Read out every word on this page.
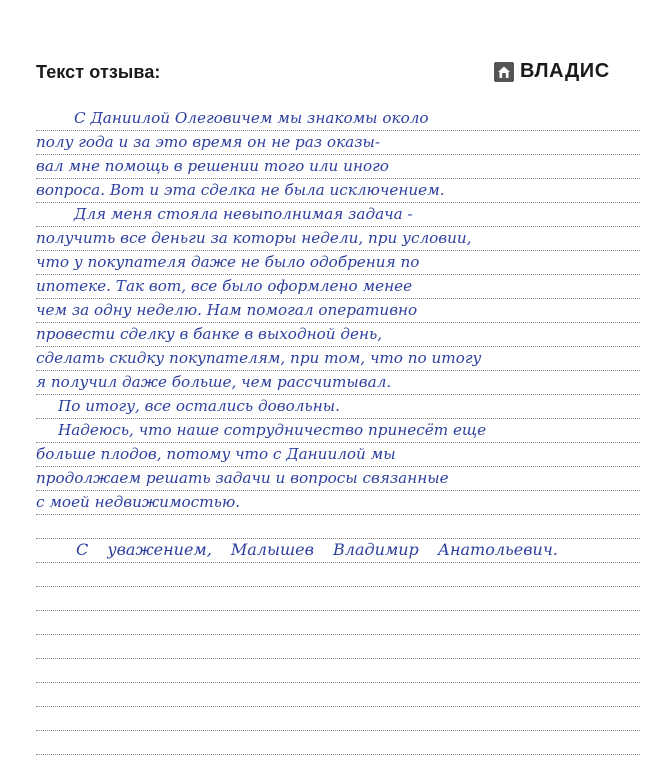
Текст отзыва:	ВЛАДИС
С Даниилой Олеговичем мы знакомы около
полу года и за это время он не раз оказы-
вал мне помощь в решении того или иного
вопроса. Вот и эта сделка не была исключением.
Для меня стояла невыполнимая задача -
получить все деньги за которы недели, при условии,
что у покупателя даже не было одобрения по
ипотеке. Так вот, все было оформлено менее
чем за одну неделю. Нам помогал оперативно
провести сделку в банке в выходной день,
сделать скидку покупателям, при том, что по итогу
я получил даже больше, чем рассчитывал.
По итогу, все остались довольны.
Надеюсь, что наше сотрудничество принесёт еще
больше плодов, потому что с Даниилой мы
продолжаем решать задачи и вопросы связанные
с моей недвижимостью.
С уважением, Малышев Владимир Анатольевич.
